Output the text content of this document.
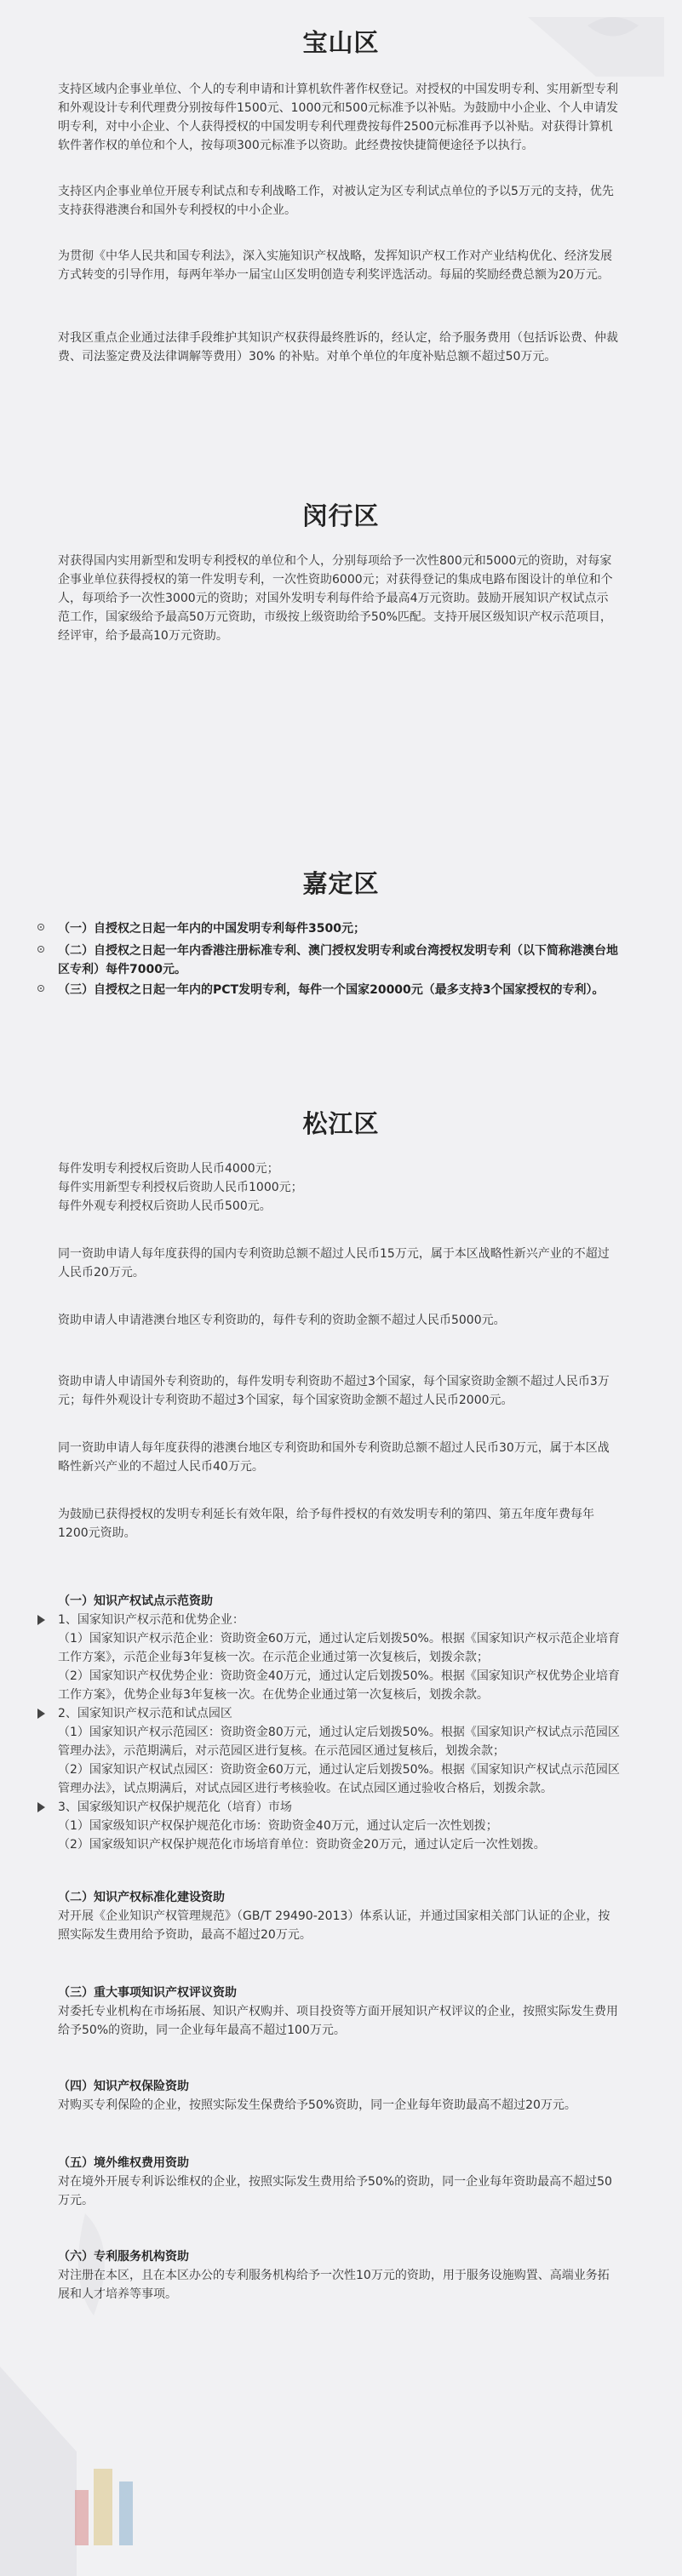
宝山区

支持区域内企事业单位、个人的专利申请和计算机软件著作权登记。对授权的中国发明专利、实用新型专利和外观设计专利代理费分别按每件1500元、1000元和500元标准予以补贴。为鼓励中小企业、个人申请发明专利，对中小企业、个人获得授权的中国发明专利代理费按每件2500元标准再予以补贴。对获得计算机软件著作权的单位和个人，按每项300元标准予以资助。此经费按快捷简便途径予以执行。

支持区内企事业单位开展专利试点和专利战略工作，对被认定为区专利试点单位的予以5万元的支持，优先支持获得港澳台和国外专利授权的中小企业。

为贯彻《中华人民共和国专利法》，深入实施知识产权战略，发挥知识产权工作对产业结构优化、经济发展方式转变的引导作用，每两年举办一届宝山区发明创造专利奖评选活动。每届的奖励经费总额为20万元。

对我区重点企业通过法律手段维护其知识产权获得最终胜诉的，经认定，给予服务费用（包括诉讼费、仲裁费、司法鉴定费及法律调解等费用）30% 的补贴。对单个单位的年度补贴总额不超过50万元。

闵行区

对获得国内实用新型和发明专利授权的单位和个人，分别每项给予一次性800元和5000元的资助，对每家企事业单位获得授权的第一件发明专利，一次性资助6000元；对获得登记的集成电路布图设计的单位和个人，每项给予一次性3000元的资助；对国外发明专利每件给予最高4万元资助。鼓励开展知识产权试点示范工作，国家级给予最高50万元资助，市级按上级资助给予50%匹配。支持开展区级知识产权示范项目，经评审，给予最高10万元资助。

嘉定区
（一）自授权之日起一年内的中国发明专利每件3500元；
（二）自授权之日起一年内香港注册标准专利、澳门授权发明专利或台湾授权发明专利（以下简称港澳台地区专利）每件7000元。
（三）自授权之日起一年内的PCT发明专利，每件一个国家20000元（最多支持3个国家授权的专利）。
松江区
每件发明专利授权后资助人民币4000元；
每件实用新型专利授权后资助人民币1000元；
每件外观专利授权后资助人民币500元。

同一资助申请人每年度获得的国内专利资助总额不超过人民币15万元，属于本区战略性新兴产业的不超过人民币20万元。

资助申请人申请港澳台地区专利资助的，每件专利的资助金额不超过人民币5000元。

资助申请人申请国外专利资助的，每件发明专利资助不超过3个国家，每个国家资助金额不超过人民币3万元；每件外观设计专利资助不超过3个国家，每个国家资助金额不超过人民币2000元。

同一资助申请人每年度获得的港澳台地区专利资助和国外专利资助总额不超过人民币30万元，属于本区战略性新兴产业的不超过人民币40万元。

为鼓励已获得授权的发明专利延长有效年限，给予每件授权的有效发明专利的第四、第五年度年费每年1200元资助。

（一）知识产权试点示范资助
1、国家知识产权示范和优势企业：
（1）国家知识产权示范企业：资助资金60万元，通过认定后划拨50%。根据《国家知识产权示范企业培育工作方案》，示范企业每3年复核一次。在示范企业通过第一次复核后，划拨余款；
（2）国家知识产权优势企业：资助资金40万元，通过认定后划拨50%。根据《国家知识产权优势企业培育工作方案》，优势企业每3年复核一次。在优势企业通过第一次复核后，划拨余款。
2、国家知识产权示范和试点园区
（1）国家知识产权示范园区：资助资金80万元，通过认定后划拨50%。根据《国家知识产权试点示范园区管理办法》，示范期满后，对示范园区进行复核。在示范园区通过复核后，划拨余款；
（2）国家知识产权试点园区：资助资金60万元，通过认定后划拨50%。根据《国家知识产权试点示范园区管理办法》，试点期满后，对试点园区进行考核验收。在试点园区通过验收合格后，划拨余款。
3、国家级知识产权保护规范化（培育）市场
（1）国家级知识产权保护规范化市场：资助资金40万元，通过认定后一次性划拨；
（2）国家级知识产权保护规范化市场培育单位：资助资金20万元，通过认定后一次性划拨。
（二）知识产权标准化建设资助

对开展《企业知识产权管理规范》（GB/T 29490-2013）体系认证，并通过国家相关部门认证的企业，按照实际发生费用给予资助，最高不超过20万元。

（三）重大事项知识产权评议资助

对委托专业机构在市场拓展、知识产权购并、项目投资等方面开展知识产权评议的企业，按照实际发生费用给予50%的资助，同一企业每年最高不超过100万元。

（四）知识产权保险资助

对购买专利保险的企业，按照实际发生保费给予50%资助，同一企业每年资助最高不超过20万元。

（五）境外维权费用资助

对在境外开展专利诉讼维权的企业，按照实际发生费用给予50%的资助，同一企业每年资助最高不超过50万元。

（六）专利服务机构资助

对注册在本区，且在本区办公的专利服务机构给予一次性10万元的资助，用于服务设施购置、高端业务拓展和人才培养等事项。
